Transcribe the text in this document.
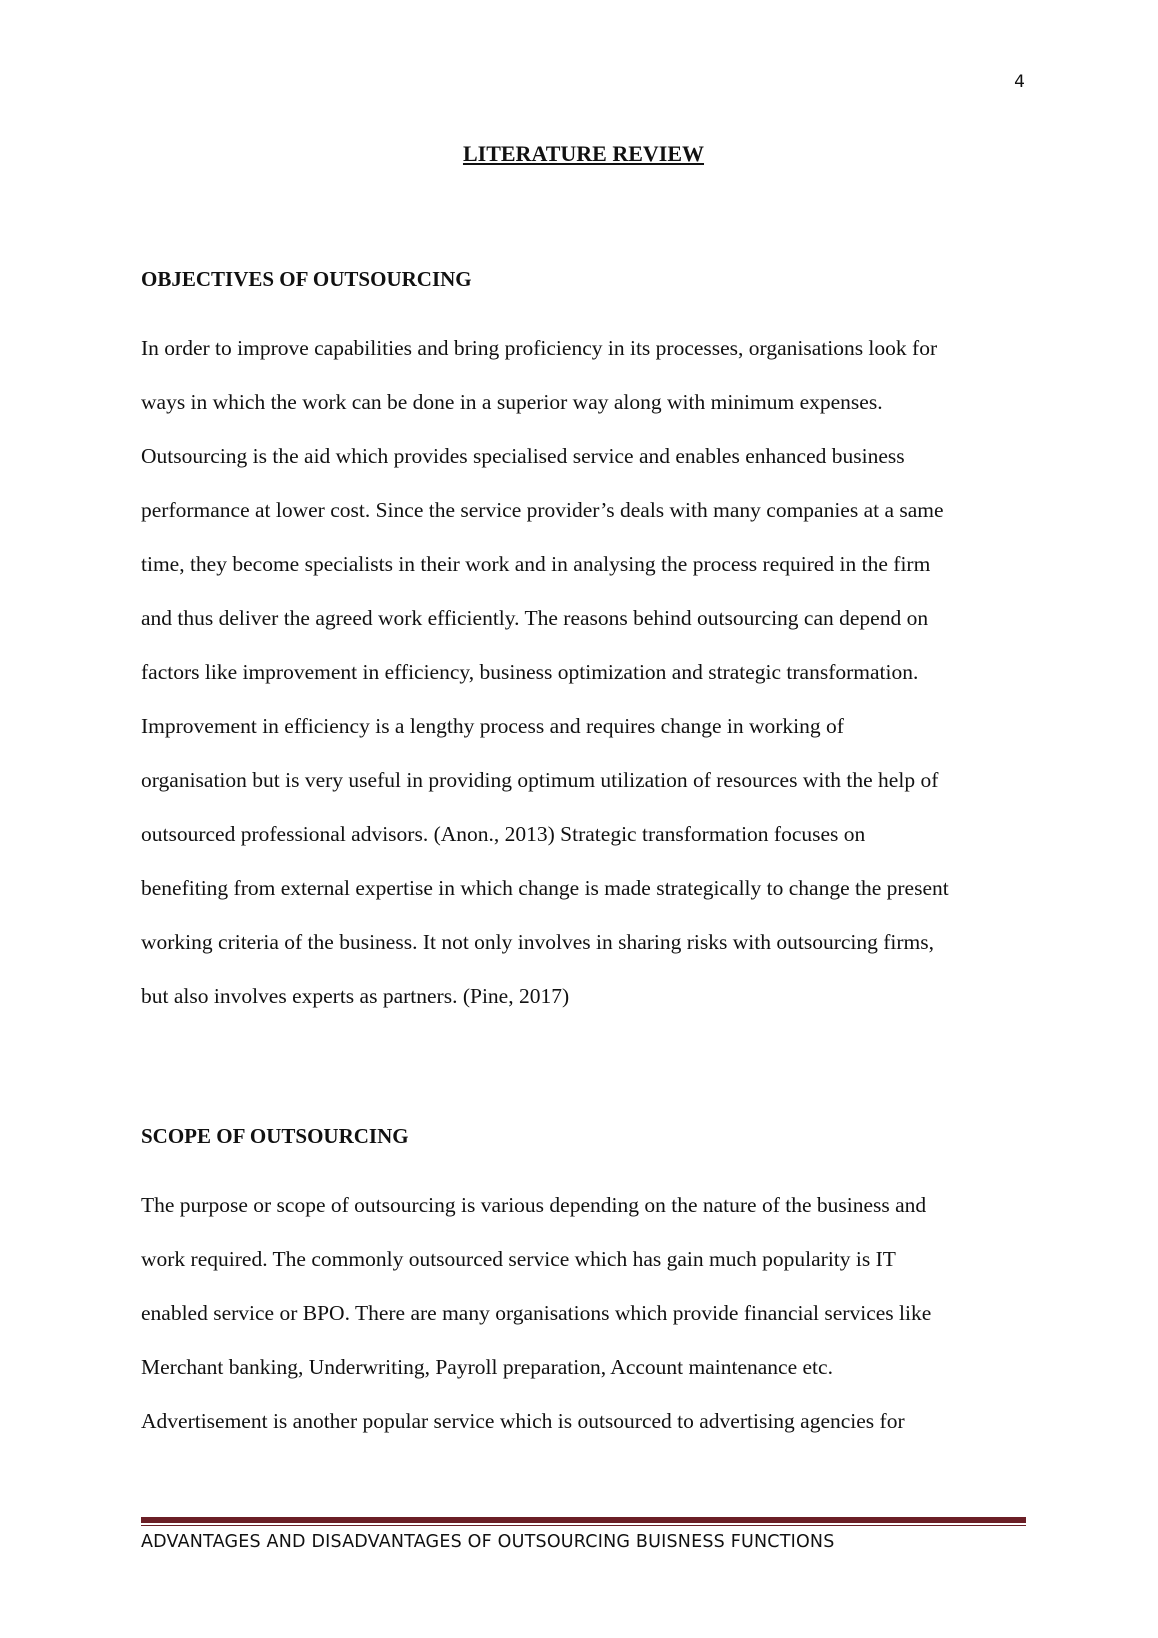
4
LITERATURE REVIEW
OBJECTIVES OF OUTSOURCING

In order to improve capabilities and bring proficiency in its processes, organisations look for
ways in which the work can be done in a superior way along with minimum expenses.
Outsourcing is the aid which provides specialised service and enables enhanced business
performance at lower cost. Since the service provider’s deals with many companies at a same
time, they become specialists in their work and in analysing the process required in the firm
and thus deliver the agreed work efficiently. The reasons behind outsourcing can depend on
factors like improvement in efficiency, business optimization and strategic transformation.
Improvement in efficiency is a lengthy process and requires change in working of
organisation but is very useful in providing optimum utilization of resources with the help of
outsourced professional advisors. (Anon., 2013) Strategic transformation focuses on
benefiting from external expertise in which change is made strategically to change the present
working criteria of the business. It not only involves in sharing risks with outsourcing firms,
but also involves experts as partners. (Pine, 2017)

SCOPE OF OUTSOURCING

The purpose or scope of outsourcing is various depending on the nature of the business and
work required. The commonly outsourced service which has gain much popularity is IT
enabled service or BPO. There are many organisations which provide financial services like
Merchant banking, Underwriting, Payroll preparation, Account maintenance etc.
Advertisement is another popular service which is outsourced to advertising agencies for

ADVANTAGES AND DISADVANTAGES OF OUTSOURCING BUISNESS FUNCTIONS
